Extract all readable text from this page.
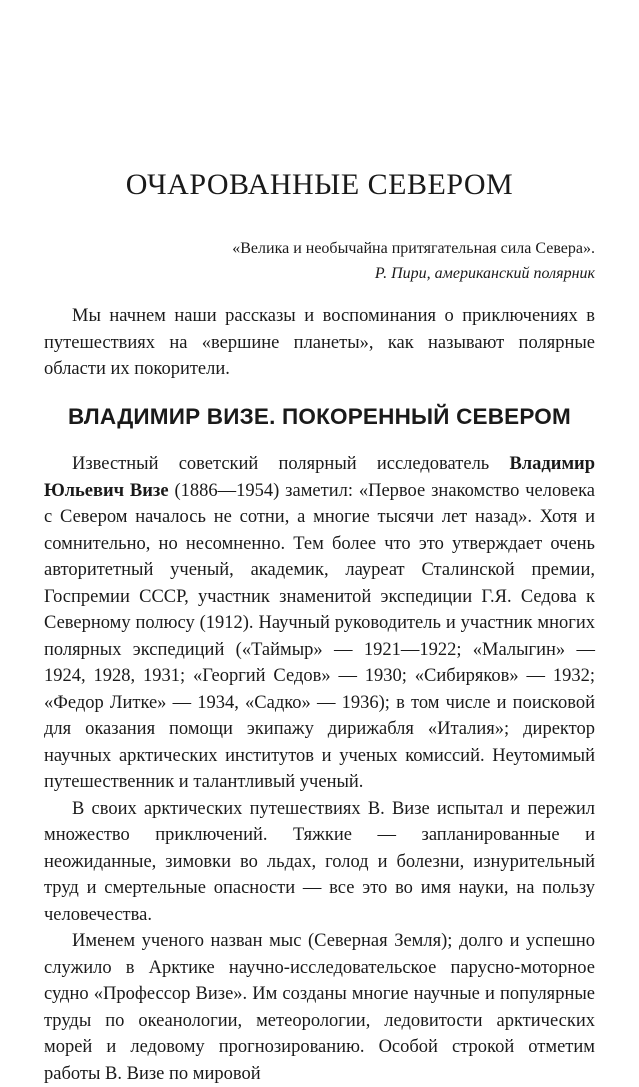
ОЧАРОВАННЫЕ СЕВЕРОМ
«Велика и необычайна притягательная сила Севера».
Р. Пири, американский полярник

Мы начнем наши рассказы и воспоминания о приключениях в путешествиях на «вершине планеты», как называют полярные области их покорители.

ВЛАДИМИР ВИЗЕ. ПОКОРЕННЫЙ СЕВЕРОМ

Известный советский полярный исследователь Владимир Юльевич Визе (1886—1954) заметил: «Первое знакомство человека с Севером началось не сотни, а многие тысячи лет назад». Хотя и сомнительно, но несомненно. Тем более что это утверждает очень авторитетный ученый, академик, лауреат Сталинской премии, Госпремии СССР, участник знаменитой экспедиции Г.Я. Седова к Северному полюсу (1912). Научный руководитель и участник многих полярных экспедиций («Таймыр» — 1921—1922; «Малыгин» — 1924, 1928, 1931; «Георгий Седов» — 1930; «Сибиряков» — 1932; «Федор Литке» — 1934, «Садко» — 1936); в том числе и поисковой для оказания помощи экипажу дирижабля «Италия»; директор научных арктических институтов и ученых комиссий. Неутомимый путешественник и талантливый ученый.

В своих арктических путешествиях В. Визе испытал и пережил множество приключений. Тяжкие — запланированные и неожиданные, зимовки во льдах, голод и болезни, изнурительный труд и смертельные опасности — все это во имя науки, на пользу человечества.

Именем ученого назван мыс (Северная Земля); долго и успешно служило в Арктике научно-исследовательское парусно-моторное судно «Профессор Визе». Им созданы многие научные и популярные труды по океанологии, метеорологии, ледовитости арктических морей и ледовому прогнозированию. Особой строкой отметим работы В. Визе по мировой
